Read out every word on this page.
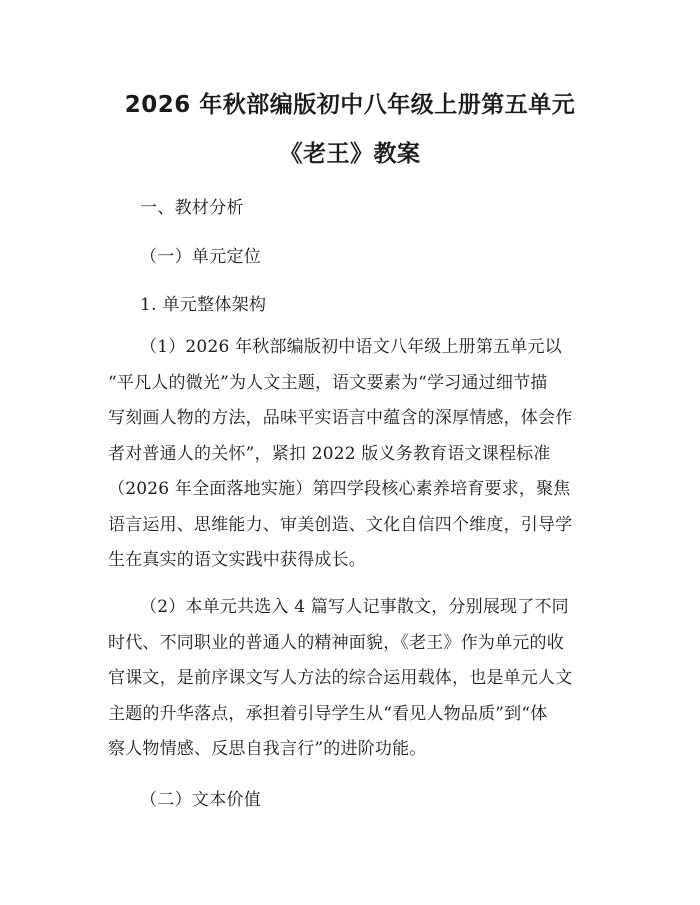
2026 年秋部编版初中八年级上册第五单元
《老王》教案
一、教材分析
（一）单元定位
1. 单元整体架构
（1）2026 年秋部编版初中语文八年级上册第五单元以
“平凡人的微光”为人文主题，语文要素为“学习通过细节描
写刻画人物的方法，品味平实语言中蕴含的深厚情感，体会作
者对普通人的关怀”，紧扣 2022 版义务教育语文课程标准
（2026 年全面落地实施）第四学段核心素养培育要求，聚焦
语言运用、思维能力、审美创造、文化自信四个维度，引导学
生在真实的语文实践中获得成长。
（2）本单元共选入 4 篇写人记事散文，分别展现了不同
时代、不同职业的普通人的精神面貌，《老王》作为单元的收
官课文，是前序课文写人方法的综合运用载体，也是单元人文
主题的升华落点，承担着引导学生从“看见人物品质”到“体
察人物情感、反思自我言行”的进阶功能。
（二）文本价值
